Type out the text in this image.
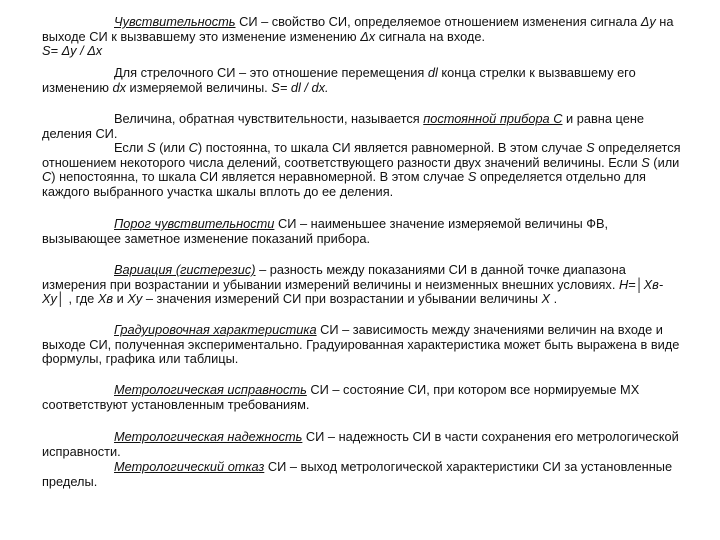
Чувствительность СИ – свойство СИ, определяемое отношением изменения сигнала Δy на выходе СИ к вызвавшему это изменение изменению Δx сигнала на входе.
S= Δy / Δx

Для стрелочного СИ – это отношение перемещения dl конца стрелки к вызвавшему его изменению dx измеряемой величины. S= dl / dx.

Величина, обратная чувствительности, называется постоянной прибора С и равна цене деления СИ.

Если S (или С) постоянна, то шкала СИ является равномерной. В этом случае S определяется отношением некоторого числа делений, соответствующего разности двух значений величины. Если S (или С) непостоянна, то шкала СИ является неравномерной. В этом случае S определяется отдельно для каждого выбранного участка шкалы вплоть до ее деления.

Порог чувствительности СИ – наименьшее значение измеряемой величины ФВ, вызывающее заметное изменение показаний прибора.

Вариация (гистерезис) – разность между показаниями СИ в данной точке диапазона измерения при возрастании и убывании измерений величины и неизменных внешних условиях. H=│Xв-Xу│ , где Xв и Xу – значения измерений СИ при возрастании и убывании величины X .

Градуировочная характеристика СИ – зависимость между значениями величин на входе и выходе СИ, полученная экспериментально. Градуированная характеристика может быть выражена в виде формулы, графика или таблицы.

Метрологическая исправность СИ – состояние СИ, при котором все нормируемые МХ соответствуют установленным требованиям.

Метрологическая надежность СИ – надежность СИ в части сохранения его метрологической исправности.

Метрологический отказ СИ – выход метрологической характеристики СИ за установленные пределы.
